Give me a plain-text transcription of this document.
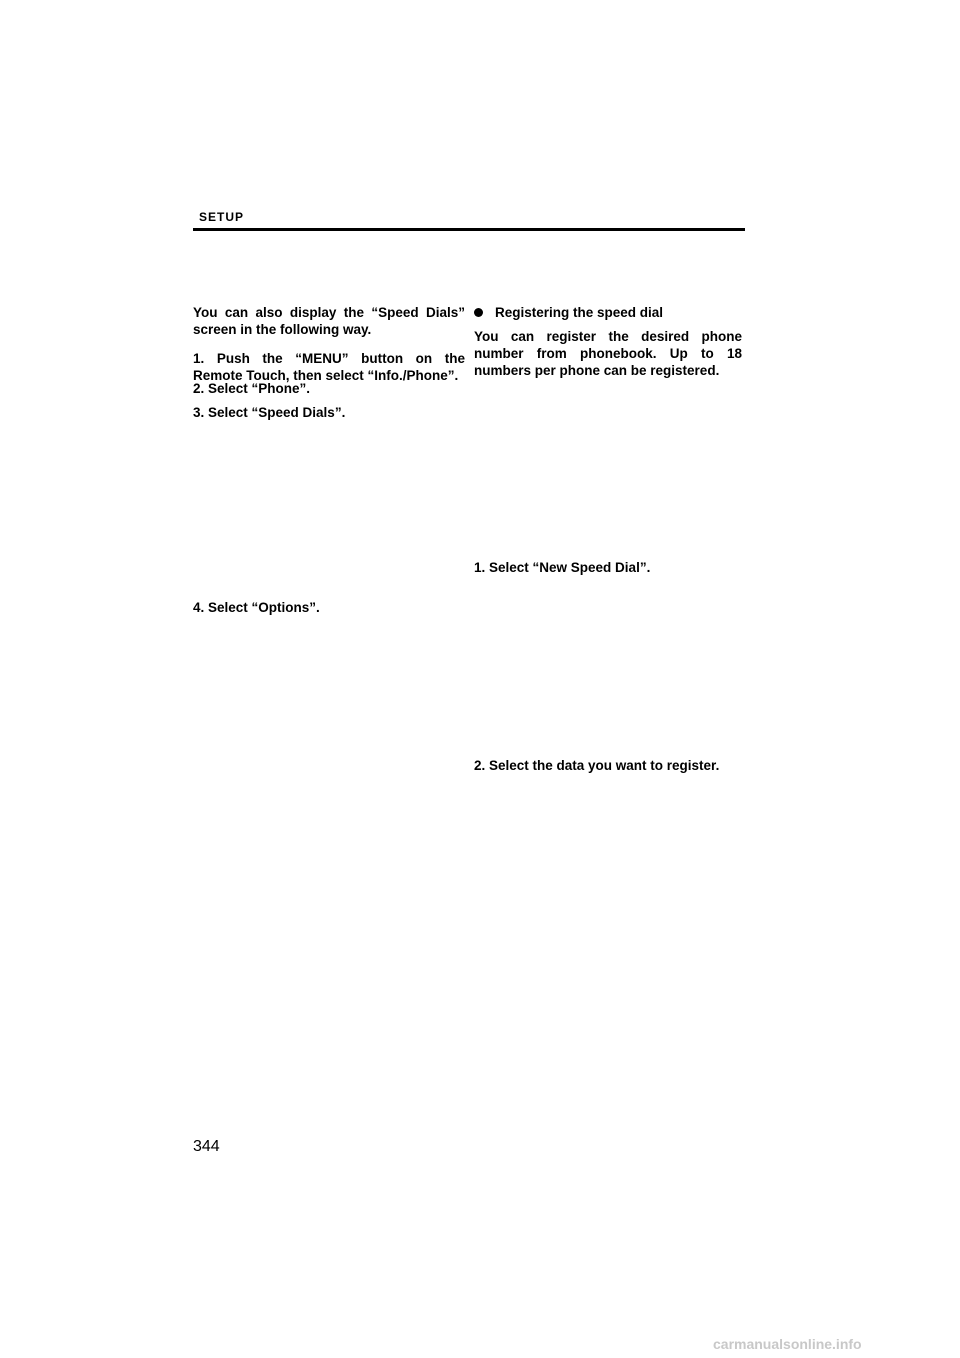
SETUP

You can also display the “Speed Dials” screen in the following way.

1. Push the “MENU” button on the Remote Touch, then select “Info./Phone”.

2. Select “Phone”.

3. Select “Speed Dials”.

4. Select “Options”.

Registering the speed dial

You can register the desired phone number from phonebook. Up to 18 numbers per phone can be registered.

1. Select “New Speed Dial”.

2. Select the data you want to register.

344
carmanualsonline.info
